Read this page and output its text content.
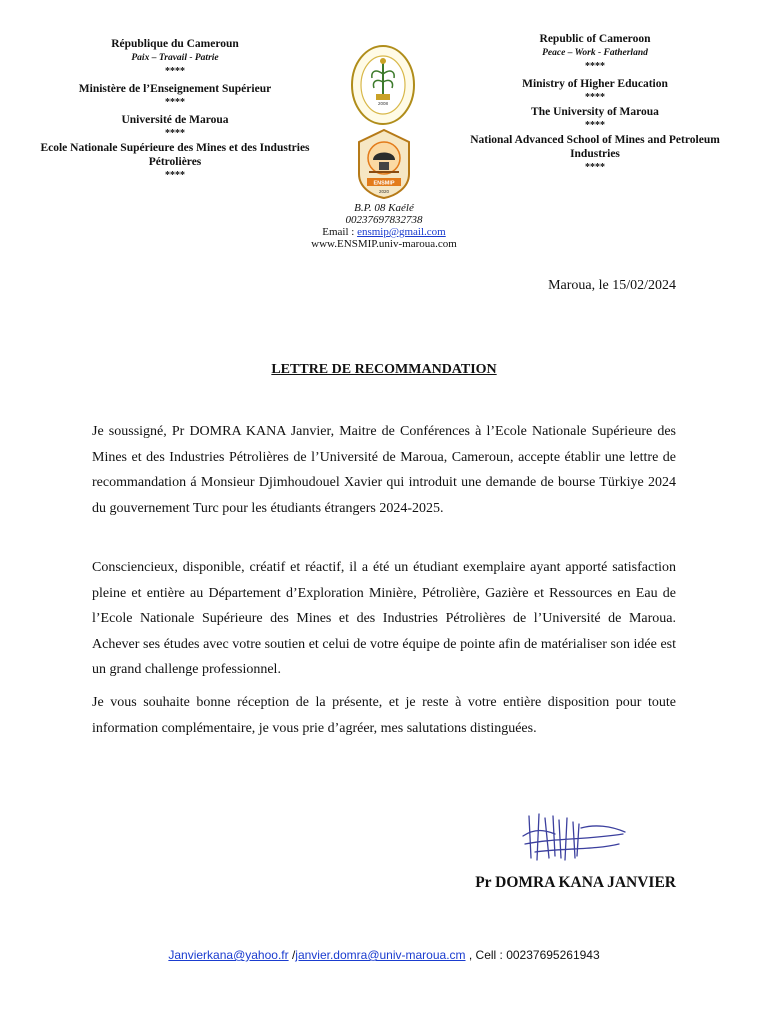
République du Cameroun
Paix – Travail - Patrie
****
Ministère de l’Enseignement Supérieur
****
Université de Maroua
****
Ecole Nationale Supérieure des Mines et des Industries Pétrolières
****
Republic of Cameroon
Peace – Work - Fatherland
****
Ministry of Higher Education
****
The University of Maroua
****
National Advanced School of Mines and Petroleum Industries
****
2008
ENSMIP
2020
B.P. 08 Kaélé
00237697832738
Email : ensmip@gmail.com
www.ENSMIP.univ-maroua.com
Maroua, le 15/02/2024
LETTRE DE RECOMMANDATION
Je soussigné, Pr DOMRA KANA Janvier, Maitre de Conférences à l’Ecole Nationale Supérieure des Mines et des Industries Pétrolières de l’Université de Maroua, Cameroun, accepte établir une lettre de recommandation á Monsieur Djimhoudouel Xavier qui introduit une demande de bourse Türkiye 2024 du gouvernement Turc pour les étudiants étrangers 2024-2025.
Consciencieux, disponible, créatif et réactif, il a été un étudiant exemplaire ayant apporté satisfaction pleine et entière au Département d’Exploration Minière, Pétrolière, Gazière et Ressources en Eau de l’Ecole Nationale Supérieure des Mines et des Industries Pétrolières de l’Université de Maroua. Achever ses études avec votre soutien et celui de votre équipe de pointe afin de matérialiser son idée est un grand challenge professionnel.
Je vous souhaite bonne réception de la présente, et je reste à votre entière disposition pour toute information complémentaire, je vous prie d’agréer, mes salutations distinguées.
Pr DOMRA KANA JANVIER
Janvierkana@yahoo.fr /janvier.domra@univ-maroua.cm , Cell : 00237695261943
